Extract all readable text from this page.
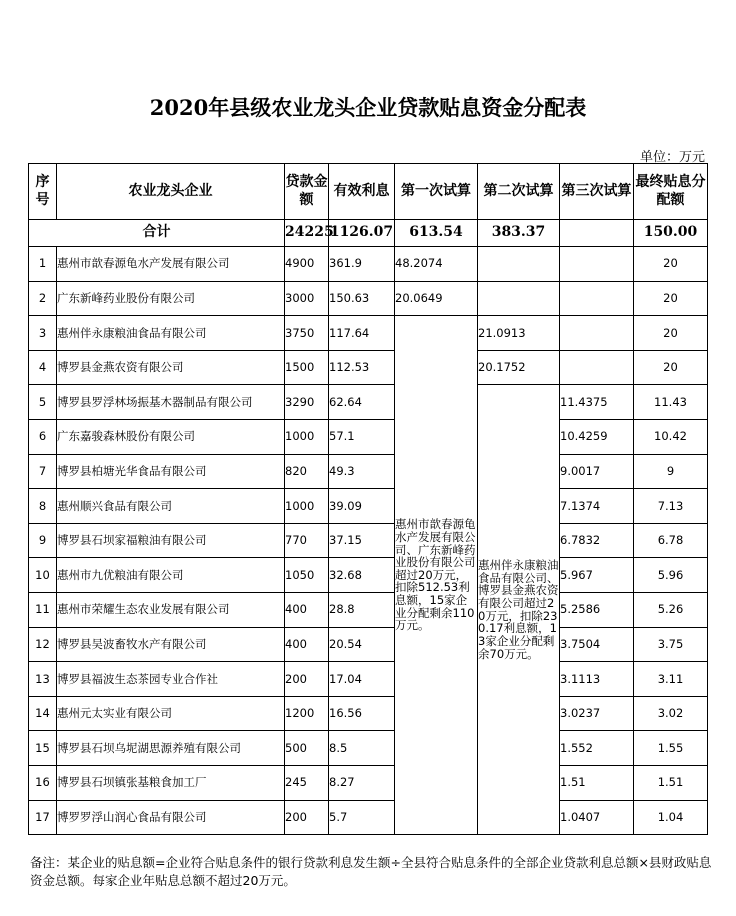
2020年县级农业龙头企业贷款贴息资金分配表
单位：万元
序号	农业龙头企业	贷款金额	有效利息	第一次试算	第二次试算	第三次试算	最终贴息分配额
合计		24225	1126.07	613.54	383.37		150.00
1	惠州市歆春源龟水产发展有限公司	4900	361.9	48.2074			20
2	广东新峰药业股份有限公司	3000	150.63	20.0649			20
3	惠州伴永康粮油食品有限公司	3750	117.64	惠州市歆春源龟水产发展有限公司、广东新峰药业股份有限公司超过20万元，扣除512.53利息额，15家企业分配剩余110万元。	21.0913		20
4	博罗县金燕农资有限公司	1500	112.53		20.1752		20
5	博罗县罗浮林场振基木器制品有限公司	3290	62.64		惠州伴永康粮油食品有限公司、博罗县金燕农资有限公司超过20万元，扣除230.17利息额，13家企业分配剩余70万元。	11.4375	11.43
6	广东嘉骏森林股份有限公司	1000	57.1			10.4259	10.42
7	博罗县柏塘光华食品有限公司	820	49.3			9.0017	9
8	惠州顺兴食品有限公司	1000	39.09			7.1374	7.13
9	博罗县石坝家福粮油有限公司	770	37.15			6.7832	6.78
10	惠州市九优粮油有限公司	1050	32.68			5.967	5.96
11	惠州市荣耀生态农业发展有限公司	400	28.8			5.2586	5.26
12	博罗县吴波畜牧水产有限公司	400	20.54			3.7504	3.75
13	博罗县福波生态茶园专业合作社	200	17.04			3.1113	3.11
14	惠州元太实业有限公司	1200	16.56			3.0237	3.02
15	博罗县石坝乌坭湖思源养殖有限公司	500	8.5			1.552	1.55
16	博罗县石坝镇张基粮食加工厂	245	8.27			1.51	1.51
17	博罗罗浮山润心食品有限公司	200	5.7			1.0407	1.04
备注：某企业的贴息额=企业符合贴息条件的银行贷款利息发生额÷全县符合贴息条件的全部企业贷款利息总额×县财政贴息资金总额。每家企业年贴息总额不超过20万元。
